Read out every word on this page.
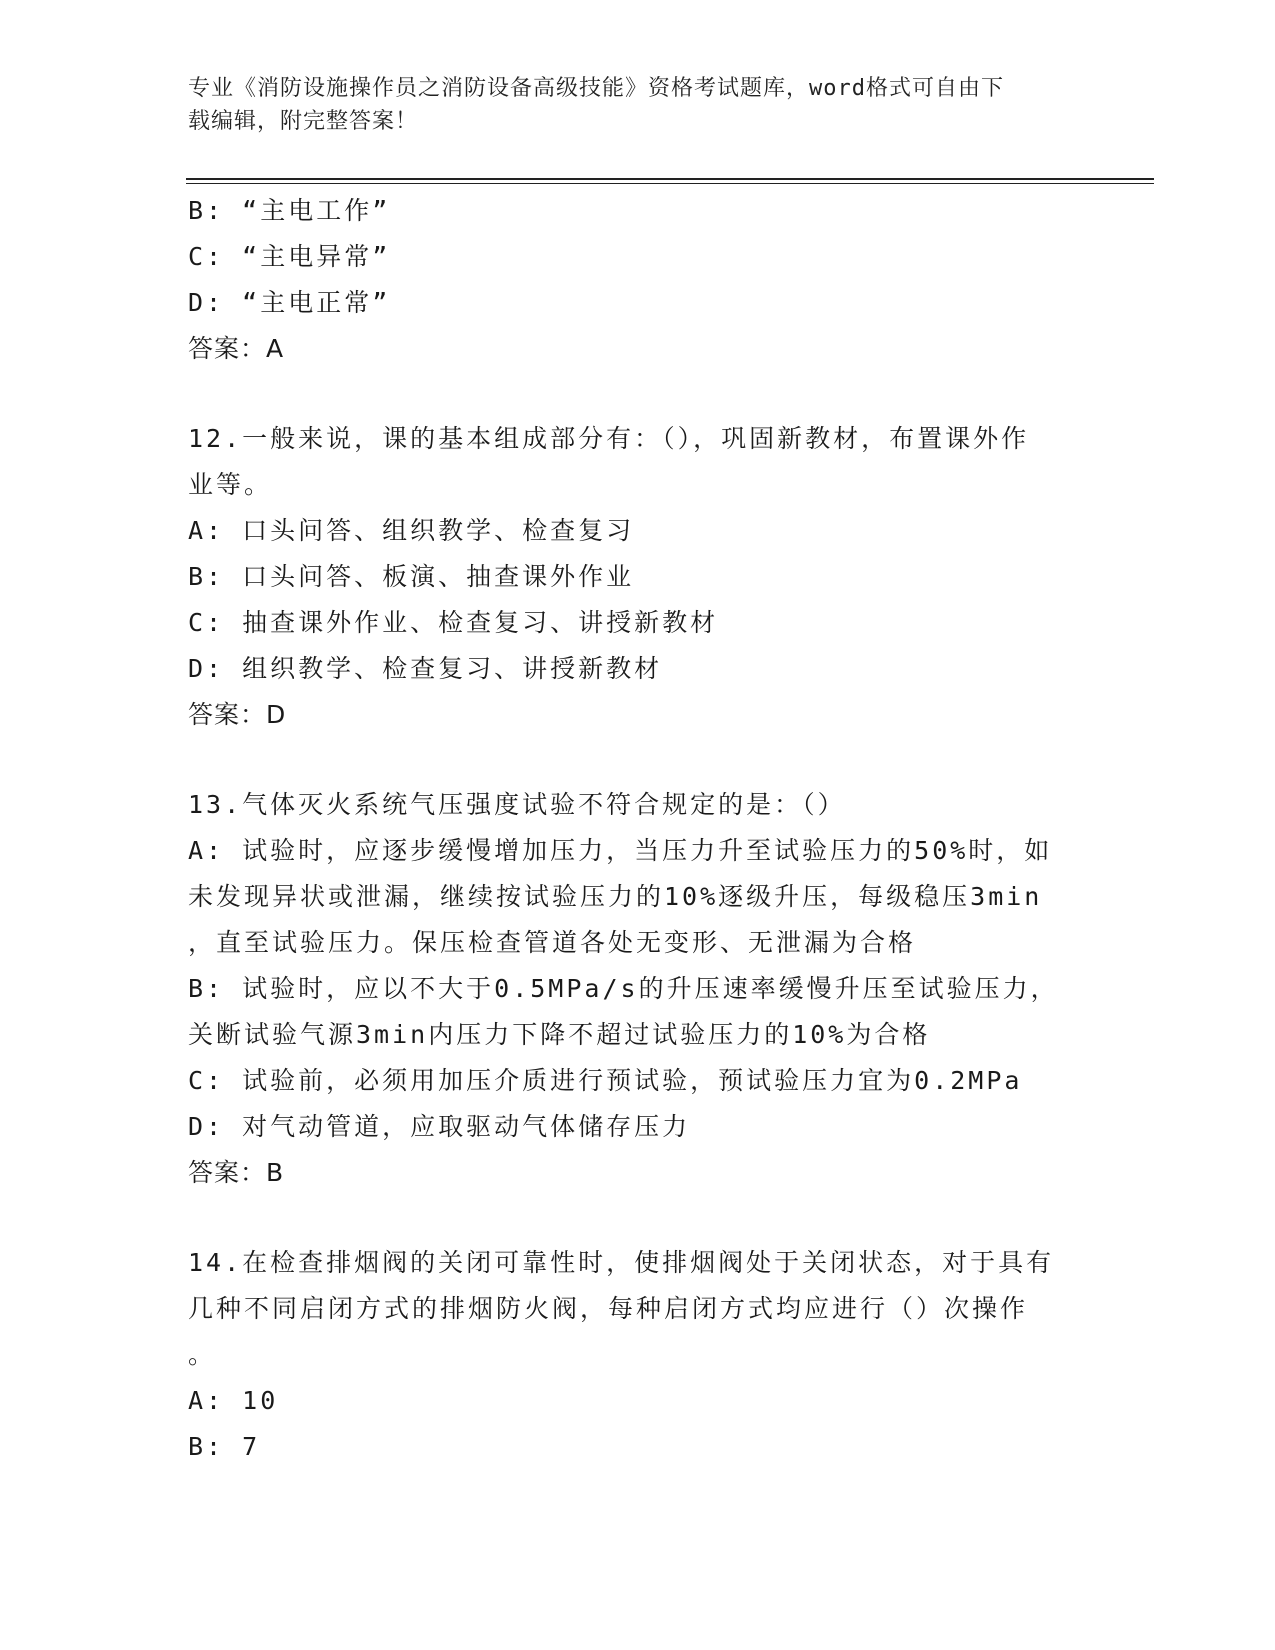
专业《消防设施操作员之消防设备高级技能》资格考试题库，word格式可自由下
载编辑，附完整答案！
B: “主电工作”
C: “主电异常”
D: “主电正常”
答案：A
12.一般来说，课的基本组成部分有：（），巩固新教材，布置课外作
业等。
A: 口头问答、组织教学、检查复习
B: 口头问答、板演、抽查课外作业
C: 抽查课外作业、检查复习、讲授新教材
D: 组织教学、检查复习、讲授新教材
答案：D
13.气体灭火系统气压强度试验不符合规定的是：（）
A: 试验时，应逐步缓慢增加压力，当压力升至试验压力的50%时，如
未发现异状或泄漏，继续按试验压力的10%逐级升压，每级稳压3min
，直至试验压力。保压检查管道各处无变形、无泄漏为合格
B: 试验时，应以不大于0.5MPa/s的升压速率缓慢升压至试验压力，
关断试验气源3min内压力下降不超过试验压力的10%为合格
C: 试验前，必须用加压介质进行预试验，预试验压力宜为0.2MPa
D: 对气动管道，应取驱动气体储存压力
答案：B
14.在检查排烟阀的关闭可靠性时，使排烟阀处于关闭状态，对于具有
几种不同启闭方式的排烟防火阀，每种启闭方式均应进行（）次操作
。
A: 10
B: 7
